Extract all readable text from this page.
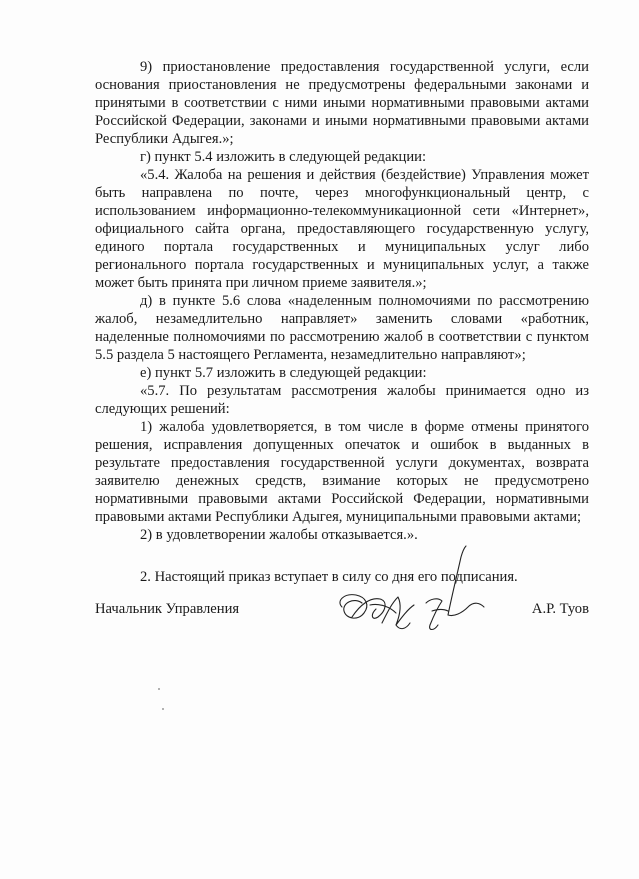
9) приостановление предоставления государственной услуги, если основания приостановления не предусмотрены федеральными законами и принятыми в соответствии с ними иными нормативными правовыми актами Российской Федерации, законами и иными нормативными правовыми актами Республики Адыгея.»;

г) пункт 5.4 изложить в следующей редакции:

«5.4. Жалоба на решения и действия (бездействие) Управления может быть направлена по почте, через многофункциональный центр, с использованием информационно-телекоммуникационной сети «Интернет», официального сайта органа, предоставляющего государственную услугу, единого портала государственных и муниципальных услуг либо регионального портала государственных и муниципальных услуг, а также может быть принята при личном приеме заявителя.»;

д) в пункте 5.6 слова «наделенным полномочиями по рассмотрению жалоб, незамедлительно направляет» заменить словами «работник, наделенные полномочиями по рассмотрению жалоб в соответствии с пунктом 5.5 раздела 5 настоящего Регламента, незамедлительно направляют»;

е) пункт 5.7 изложить в следующей редакции:

«5.7. По результатам рассмотрения жалобы принимается одно из следующих решений:

1) жалоба удовлетворяется, в том числе в форме отмены принятого решения, исправления допущенных опечаток и ошибок в выданных в результате предоставления государственной услуги документах, возврата заявителю денежных средств, взимание которых не предусмотрено нормативными правовыми актами Российской Федерации, нормативными правовыми актами Республики Адыгея, муниципальными правовыми актами;

2) в удовлетворении жалобы отказывается.».

2. Настоящий приказ вступает в силу со дня его подписания.

Начальник Управления	А.Р. Туов
